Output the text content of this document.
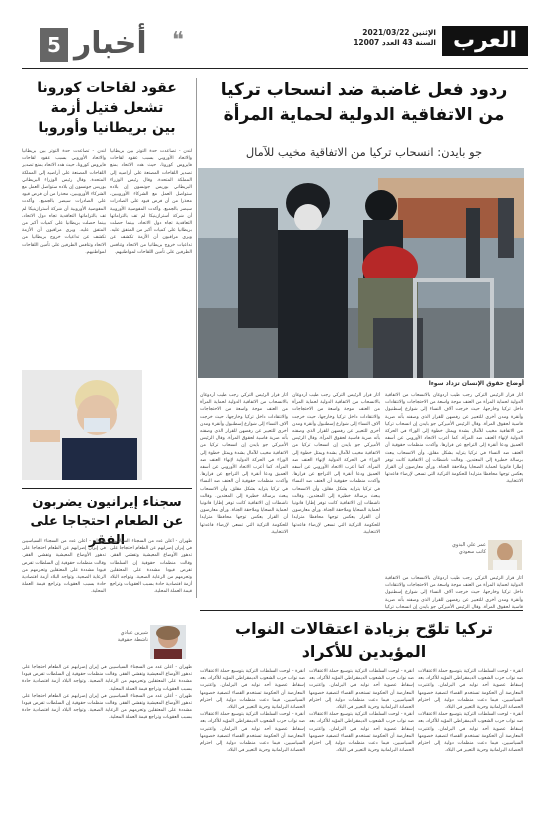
العرب
الإثنين 2021/03/22
السنة 43 العدد 12007
5 أخبار ❝
ردود فعل غاضبة ضد انسحاب تركيا
من الاتفاقية الدولية لحماية المرأة
جو بايدن: انسحاب تركيا من الاتفاقية مخيب للآمال
أوضاع حقوق الإنسان تزداد سوءا

أثار قرار الرئيس التركي رجب طيب أردوغان بالانسحاب من الاتفاقية الدولية لحماية المرأة من العنف موجة واسعة من الاحتجاجات والانتقادات داخل تركيا وخارجها، حيث خرجت آلاف النساء إلى شوارع إسطنبول وأنقرة ومدن أخرى للتعبير عن رفضهن للقرار الذي وصفنه بأنه ضربة قاسية لحقوق المرأة. وقال الرئيس الأميركي جو بايدن إن انسحاب تركيا من الاتفاقية مخيب للآمال بشدة ويمثل خطوة إلى الوراء في الحركة الدولية لإنهاء العنف ضد المرأة. كما أعرب الاتحاد الأوروبي عن أسفه العميق ودعا أنقرة إلى التراجع عن قرارها. وأكدت منظمات حقوقية أن العنف ضد النساء في تركيا يتزايد بشكل مقلق، وأن الانسحاب يبعث برسالة خطيرة إلى المعتدين. وقالت ناشطات إن الاتفاقية كانت توفر إطارا قانونيا لحماية الضحايا وملاحقة الجناة. ورأى معارضون أن القرار يعكس توجها محافظا متزايدا للحكومة التركية التي تسعى لإرضاء قاعدتها الانتخابية.

أثار قرار الرئيس التركي رجب طيب أردوغان بالانسحاب من الاتفاقية الدولية لحماية المرأة من العنف موجة واسعة من الاحتجاجات والانتقادات داخل تركيا وخارجها، حيث خرجت آلاف النساء إلى شوارع إسطنبول وأنقرة ومدن أخرى للتعبير عن رفضهن للقرار الذي وصفنه بأنه ضربة قاسية لحقوق المرأة. وقال الرئيس الأميركي جو بايدن إن انسحاب تركيا من الاتفاقية مخيب للآمال بشدة ويمثل خطوة إلى الوراء في الحركة الدولية لإنهاء العنف ضد المرأة. كما أعرب الاتحاد الأوروبي عن أسفه العميق ودعا أنقرة إلى التراجع عن قرارها. وأكدت منظمات حقوقية أن العنف ضد النساء في تركيا يتزايد بشكل مقلق، وأن الانسحاب يبعث برسالة خطيرة إلى المعتدين. وقالت ناشطات إن الاتفاقية كانت توفر إطارا قانونيا لحماية الضحايا وملاحقة الجناة. ورأى معارضون أن القرار يعكس توجها محافظا متزايدا للحكومة التركية التي تسعى لإرضاء قاعدتها الانتخابية.

أثار قرار الرئيس التركي رجب طيب أردوغان بالانسحاب من الاتفاقية الدولية لحماية المرأة من العنف موجة واسعة من الاحتجاجات والانتقادات داخل تركيا وخارجها، حيث خرجت آلاف النساء إلى شوارع إسطنبول وأنقرة ومدن أخرى للتعبير عن رفضهن للقرار الذي وصفنه بأنه ضربة قاسية لحقوق المرأة. وقال الرئيس الأميركي جو بايدن إن انسحاب تركيا من الاتفاقية مخيب للآمال بشدة ويمثل خطوة إلى الوراء في الحركة الدولية لإنهاء العنف ضد المرأة. كما أعرب الاتحاد الأوروبي عن أسفه العميق ودعا أنقرة إلى التراجع عن قرارها. وأكدت منظمات حقوقية أن العنف ضد النساء في تركيا يتزايد بشكل مقلق، وأن الانسحاب يبعث برسالة خطيرة إلى المعتدين. وقالت ناشطات إن الاتفاقية كانت توفر إطارا قانونيا لحماية الضحايا وملاحقة الجناة. ورأى معارضون أن القرار يعكس توجها محافظا متزايدا للحكومة التركية التي تسعى لإرضاء قاعدتها الانتخابية.

عمر علي البدوي
كاتب سعودي

أثار قرار الرئيس التركي رجب طيب أردوغان بالانسحاب من الاتفاقية الدولية لحماية المرأة من العنف موجة واسعة من الاحتجاجات والانتقادات داخل تركيا وخارجها، حيث خرجت آلاف النساء إلى شوارع إسطنبول وأنقرة ومدن أخرى للتعبير عن رفضهن للقرار الذي وصفنه بأنه ضربة قاسية لحقوق المرأة. وقال الرئيس الأميركي جو بايدن إن انسحاب تركيا

عقود لقاحات كورونا
تشعل فتيل أزمة
بين بريطانيا وأوروبا

لندن - تصاعدت حدة التوتر بين بريطانيا والاتحاد الأوروبي بسبب عقود لقاحات فايروس كورونا، حيث هدد الاتحاد بمنع تصدير اللقاحات المصنعة على أراضيه إلى المملكة المتحدة. وقال رئيس الوزراء البريطاني بوريس جونسون إن بلاده ستواصل العمل مع الشركاء الأوروبيين، محذرا من أن فرض قيود على الصادرات سيضر بالجميع. وأكدت المفوضية الأوروبية أن شركة أسترازينيكا لم تف بالتزاماتها التعاقدية تجاه دول الاتحاد، بينما حصلت بريطانيا على كميات أكبر من المتفق عليه. ويرى مراقبون أن الأزمة تكشف عن تداعيات خروج بريطانيا من الاتحاد وتنافس الطرفين على تأمين اللقاحات لمواطنيهم.

لندن - تصاعدت حدة التوتر بين بريطانيا والاتحاد الأوروبي بسبب عقود لقاحات فايروس كورونا، حيث هدد الاتحاد بمنع تصدير اللقاحات المصنعة على أراضيه إلى المملكة المتحدة. وقال رئيس الوزراء البريطاني بوريس جونسون إن بلاده ستواصل العمل مع الشركاء الأوروبيين، محذرا من أن فرض قيود على الصادرات سيضر بالجميع. وأكدت المفوضية الأوروبية أن شركة أسترازينيكا لم تف بالتزاماتها التعاقدية تجاه دول الاتحاد، بينما حصلت بريطانيا على كميات أكبر من المتفق عليه. ويرى مراقبون أن الأزمة تكشف عن تداعيات خروج بريطانيا من الاتحاد وتنافس الطرفين على تأمين اللقاحات لمواطنيهم.

سجناء إيرانيون يضربون
عن الطعام احتجاجا على الفقر

طهران - أعلن عدد من السجناء السياسيين في إيران إضرابهم عن الطعام احتجاجا على تدهور الأوضاع المعيشية وتفشي الفقر. وقالت منظمات حقوقية إن السلطات تفرض قيودا مشددة على المعتقلين وتحرمهم من الرعاية الصحية. وتواجه البلاد أزمة اقتصادية حادة بسبب العقوبات وتراجع قيمة العملة المحلية.

طهران - أعلن عدد من السجناء السياسيين في إيران إضرابهم عن الطعام احتجاجا على تدهور الأوضاع المعيشية وتفشي الفقر. وقالت منظمات حقوقية إن السلطات تفرض قيودا مشددة على المعتقلين وتحرمهم من الرعاية الصحية. وتواجه البلاد أزمة اقتصادية حادة بسبب العقوبات وتراجع قيمة العملة المحلية.

شيرين عبادي
ناشطة حقوقية

طهران - أعلن عدد من السجناء السياسيين في إيران إضرابهم عن الطعام احتجاجا على تدهور الأوضاع المعيشية وتفشي الفقر. وقالت منظمات حقوقية إن السلطات تفرض قيودا مشددة على المعتقلين وتحرمهم من الرعاية الصحية. وتواجه البلاد أزمة اقتصادية حادة بسبب العقوبات وتراجع قيمة العملة المحلية.

طهران - أعلن عدد من السجناء السياسيين في إيران إضرابهم عن الطعام احتجاجا على تدهور الأوضاع المعيشية وتفشي الفقر. وقالت منظمات حقوقية إن السلطات تفرض قيودا مشددة على المعتقلين وتحرمهم من الرعاية الصحية. وتواجه البلاد أزمة اقتصادية حادة بسبب العقوبات وتراجع قيمة العملة المحلية.

تركيا تلوّح بزيادة اعتقالات النواب
المؤيدين للأكراد

أنقرة - لوحت السلطات التركية بتوسيع حملة الاعتقالات ضد نواب حزب الشعوب الديمقراطي المؤيد للأكراد، بعد إسقاط عضوية أحد نوابه في البرلمان. واعتبرت المعارضة أن الحكومة تستخدم القضاء لتصفية خصومها السياسيين، فيما دعت منظمات دولية إلى احترام الحصانة البرلمانية وحرية التعبير في البلاد.

أنقرة - لوحت السلطات التركية بتوسيع حملة الاعتقالات ضد نواب حزب الشعوب الديمقراطي المؤيد للأكراد، بعد إسقاط عضوية أحد نوابه في البرلمان. واعتبرت المعارضة أن الحكومة تستخدم القضاء لتصفية خصومها السياسيين، فيما دعت منظمات دولية إلى احترام الحصانة البرلمانية وحرية التعبير في البلاد.

أنقرة - لوحت السلطات التركية بتوسيع حملة الاعتقالات ضد نواب حزب الشعوب الديمقراطي المؤيد للأكراد، بعد إسقاط عضوية أحد نوابه في البرلمان. واعتبرت المعارضة أن الحكومة تستخدم القضاء لتصفية خصومها السياسيين، فيما دعت منظمات دولية إلى احترام الحصانة البرلمانية وحرية التعبير في البلاد.

أنقرة - لوحت السلطات التركية بتوسيع حملة الاعتقالات ضد نواب حزب الشعوب الديمقراطي المؤيد للأكراد، بعد إسقاط عضوية أحد نوابه في البرلمان. واعتبرت المعارضة أن الحكومة تستخدم القضاء لتصفية خصومها السياسيين، فيما دعت منظمات دولية إلى احترام الحصانة البرلمانية وحرية التعبير في البلاد.

أنقرة - لوحت السلطات التركية بتوسيع حملة الاعتقالات ضد نواب حزب الشعوب الديمقراطي المؤيد للأكراد، بعد إسقاط عضوية أحد نوابه في البرلمان. واعتبرت المعارضة أن الحكومة تستخدم القضاء لتصفية خصومها السياسيين، فيما دعت منظمات دولية إلى احترام الحصانة البرلمانية وحرية التعبير في البلاد.

أنقرة - لوحت السلطات التركية بتوسيع حملة الاعتقالات ضد نواب حزب الشعوب الديمقراطي المؤيد للأكراد، بعد إسقاط عضوية أحد نوابه في البرلمان. واعتبرت المعارضة أن الحكومة تستخدم القضاء لتصفية خصومها السياسيين، فيما دعت منظمات دولية إلى احترام الحصانة البرلمانية وحرية التعبير في البلاد.
